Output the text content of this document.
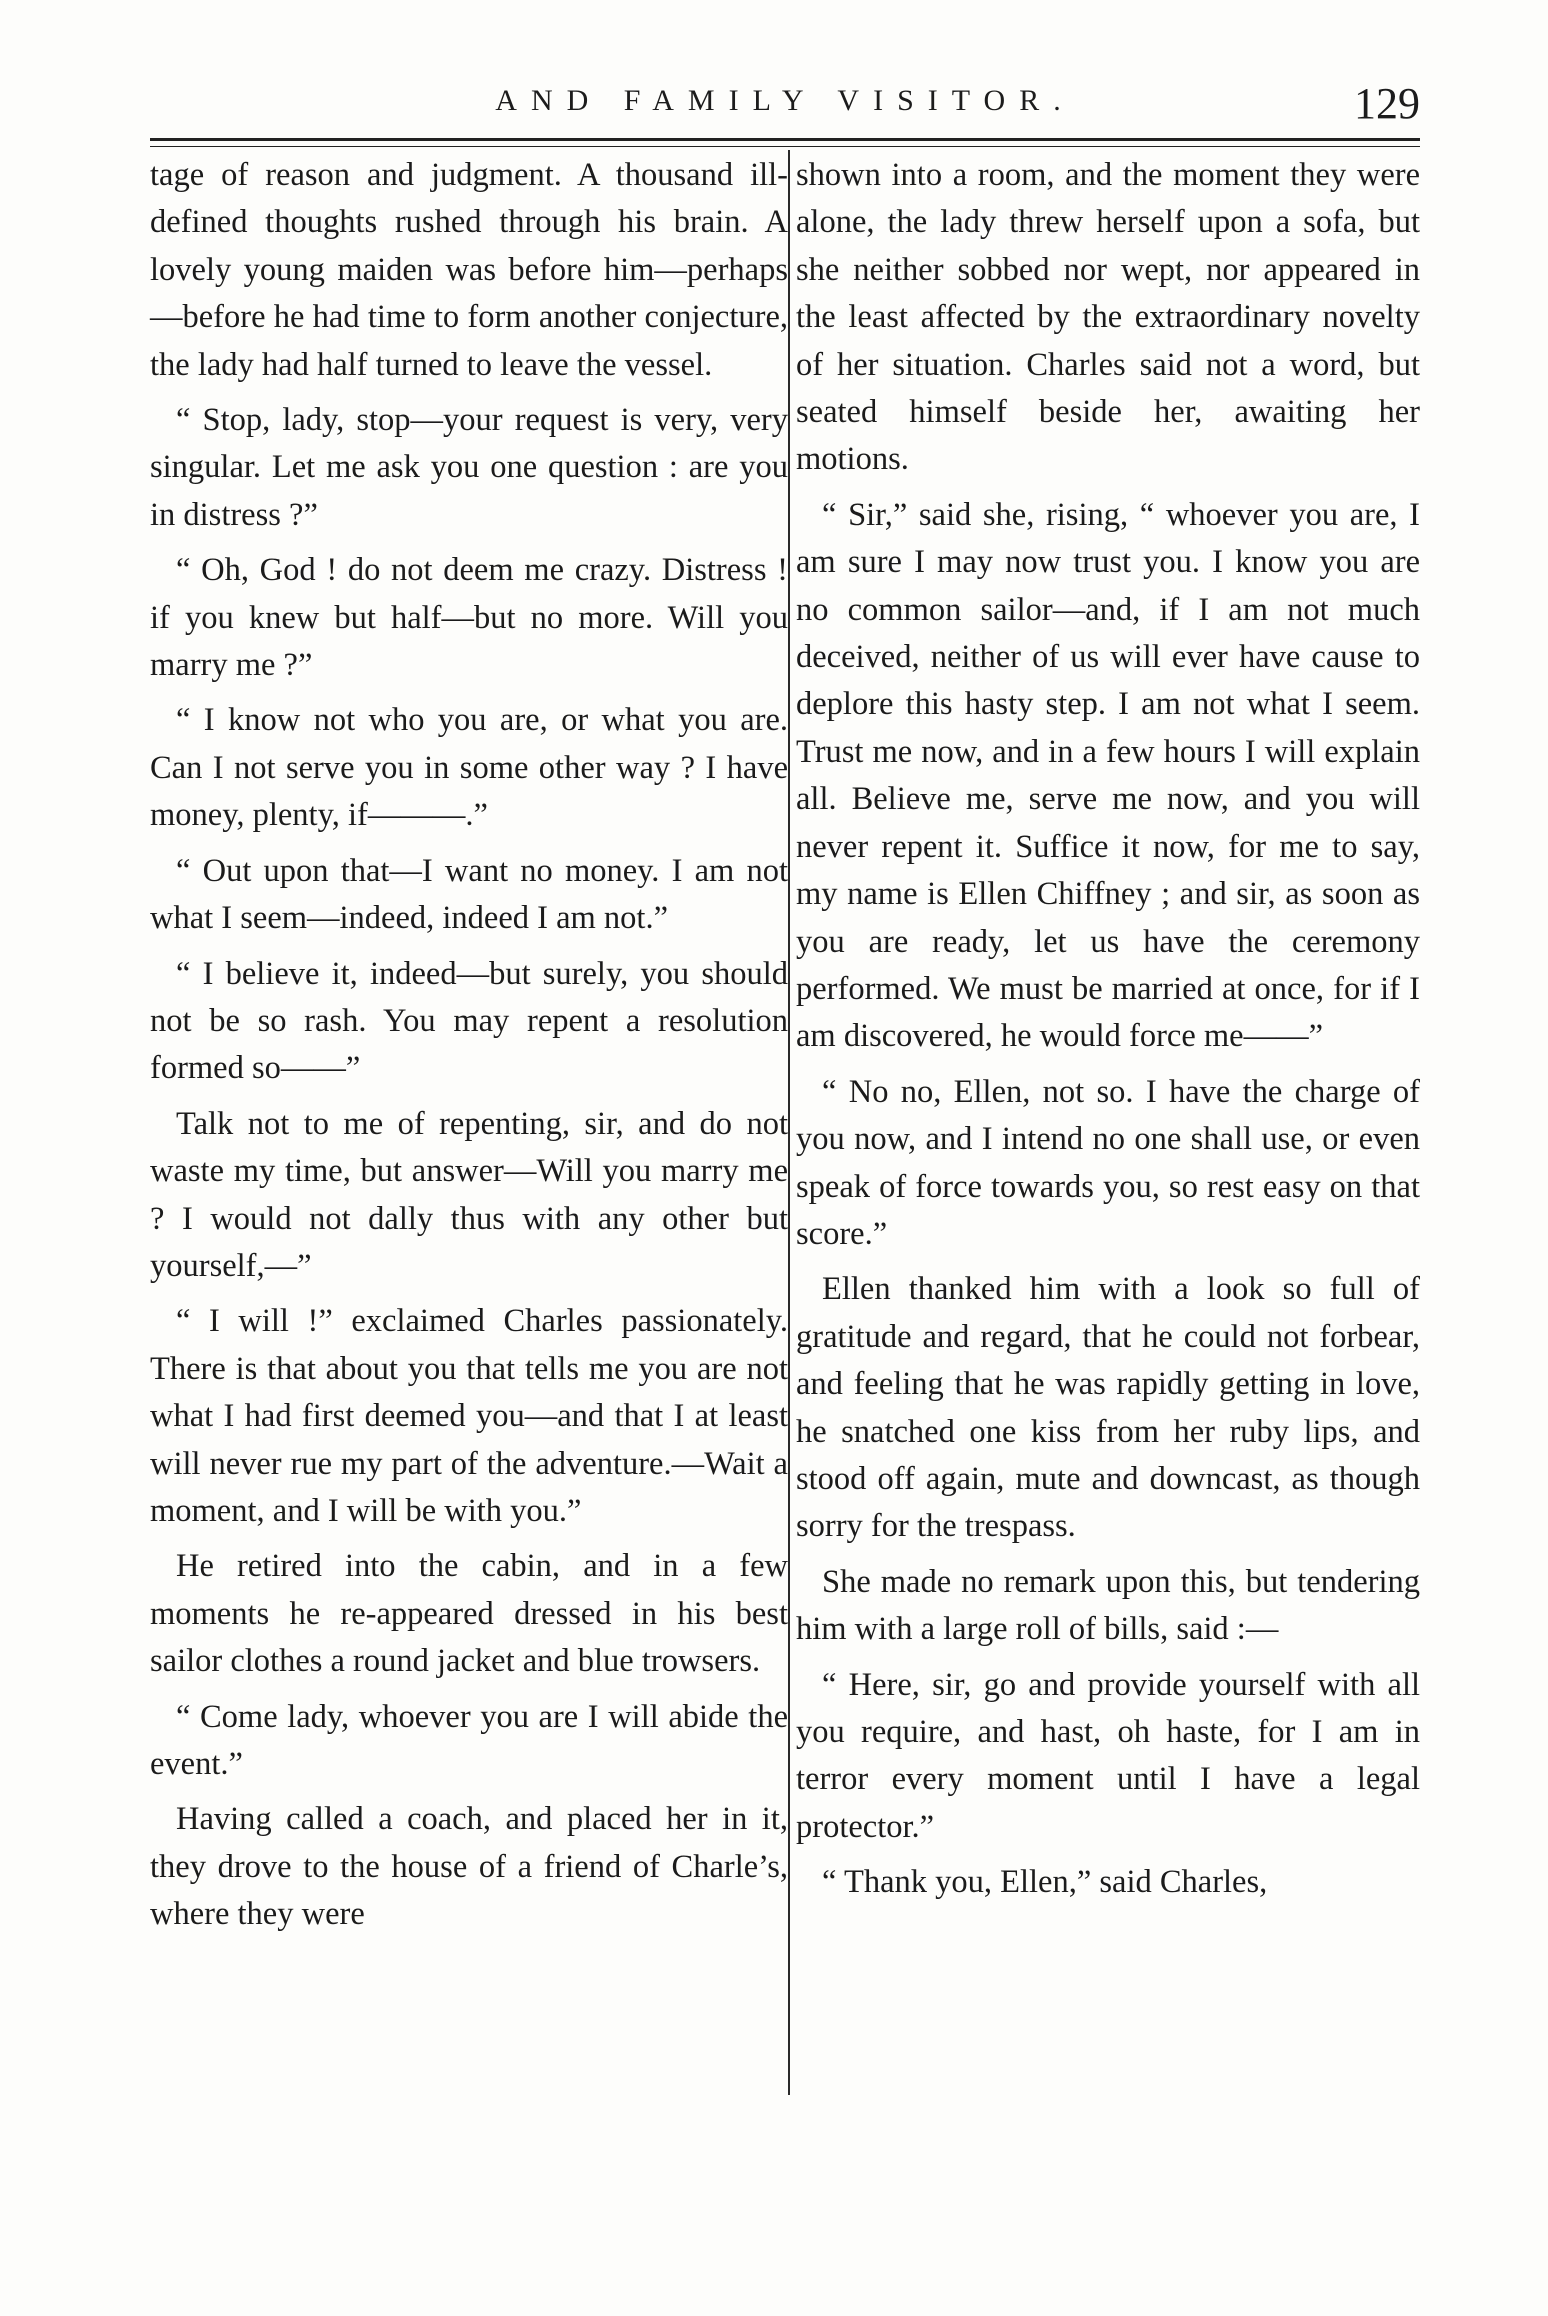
AND FAMILY VISITOR.	129

tage of reason and judgment. A thousand ill-defined thoughts rushed through his brain. A lovely young maiden was before him—perhaps—before he had time to form another conjecture, the lady had half turned to leave the vessel.

“ Stop, lady, stop—your request is very, very singular. Let me ask you one question : are you in distress ?”

“ Oh, God ! do not deem me crazy. Distress ! if you knew but half—but no more. Will you marry me ?”

“ I know not who you are, or what you are. Can I not serve you in some other way ? I have money, plenty, if———.”

“ Out upon that—I want no money. I am not what I seem—indeed, indeed I am not.”

“ I believe it, indeed—but surely, you should not be so rash. You may repent a resolution formed so——”

Talk not to me of repenting, sir, and do not waste my time, but answer—Will you marry me ? I would not dally thus with any other but yourself,—”

“ I will !” exclaimed Charles passionately. There is that about you that tells me you are not what I had first deemed you—and that I at least will never rue my part of the adventure.—Wait a moment, and I will be with you.”

He retired into the cabin, and in a few moments he re-appeared dressed in his best sailor clothes a round jacket and blue trowsers.

“ Come lady, whoever you are I will abide the event.”

Having called a coach, and placed her in it, they drove to the house of a friend of Charle’s, where they were

shown into a room, and the moment they were alone, the lady threw herself upon a sofa, but she neither sobbed nor wept, nor appeared in the least affected by the extraordinary novelty of her situation. Charles said not a word, but seated himself beside her, awaiting her motions.

“ Sir,” said she, rising, “ whoever you are, I am sure I may now trust you. I know you are no common sailor—and, if I am not much deceived, neither of us will ever have cause to deplore this hasty step. I am not what I seem. Trust me now, and in a few hours I will explain all. Believe me, serve me now, and you will never repent it. Suffice it now, for me to say, my name is Ellen Chiffney ; and sir, as soon as you are ready, let us have the ceremony performed. We must be married at once, for if I am discovered, he would force me——”

“ No no, Ellen, not so. I have the charge of you now, and I intend no one shall use, or even speak of force towards you, so rest easy on that score.”

Ellen thanked him with a look so full of gratitude and regard, that he could not forbear, and feeling that he was rapidly getting in love, he snatched one kiss from her ruby lips, and stood off again, mute and downcast, as though sorry for the trespass.

She made no remark upon this, but tendering him with a large roll of bills, said :—

“ Here, sir, go and provide yourself with all you require, and hast, oh haste, for I am in terror every moment until I have a legal protector.”

“ Thank you, Ellen,” said Charles,
